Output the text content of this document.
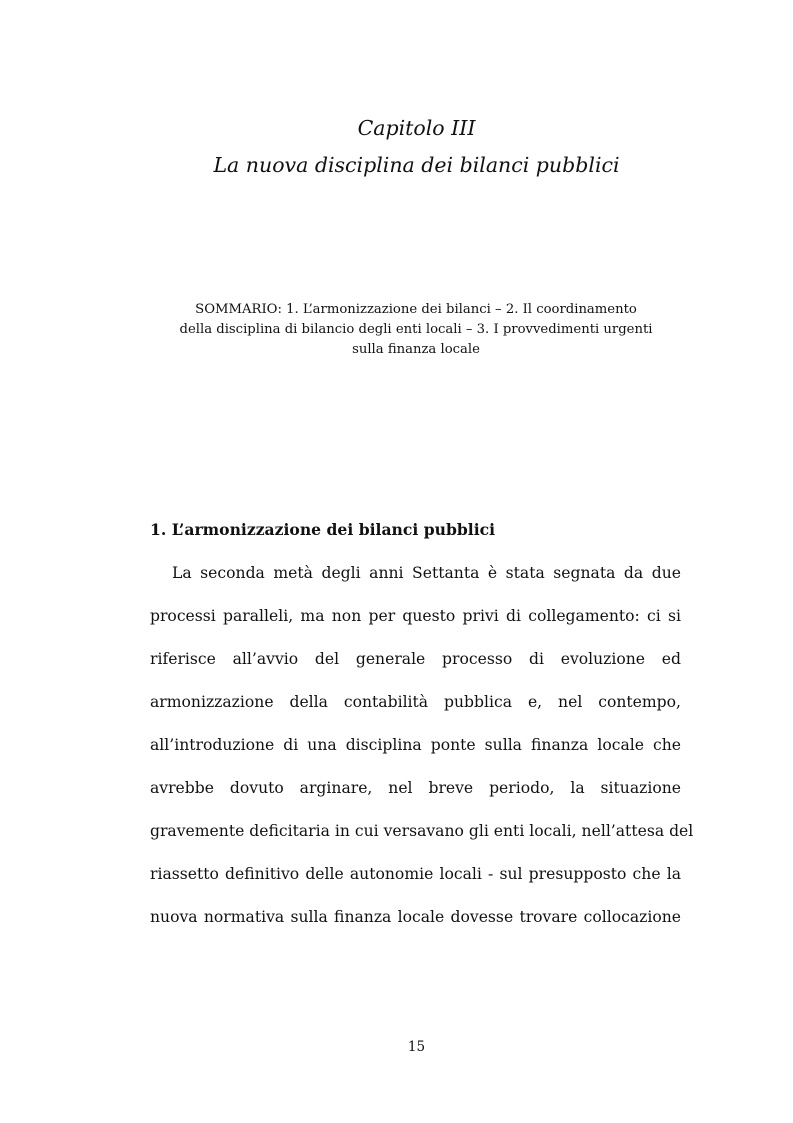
Capitolo III
La nuova disciplina dei bilanci pubblici
SOMMARIO: 1. L’armonizzazione dei bilanci – 2. Il coordinamento
della disciplina di bilancio degli enti locali – 3. I provvedimenti urgenti
sulla finanza locale
1. L’armonizzazione dei bilanci pubblici
La seconda metà degli anni Settanta è stata segnata da due
processi paralleli, ma non per questo privi di collegamento: ci si
riferisce all’avvio del generale processo di evoluzione ed
armonizzazione della contabilità pubblica e, nel contempo,
all’introduzione di una disciplina ponte sulla finanza locale che
avrebbe dovuto arginare, nel breve periodo, la situazione
gravemente deficitaria in cui versavano gli enti locali, nell’attesa del
riassetto definitivo delle autonomie locali - sul presupposto che la
nuova normativa sulla finanza locale dovesse trovare collocazione
15
